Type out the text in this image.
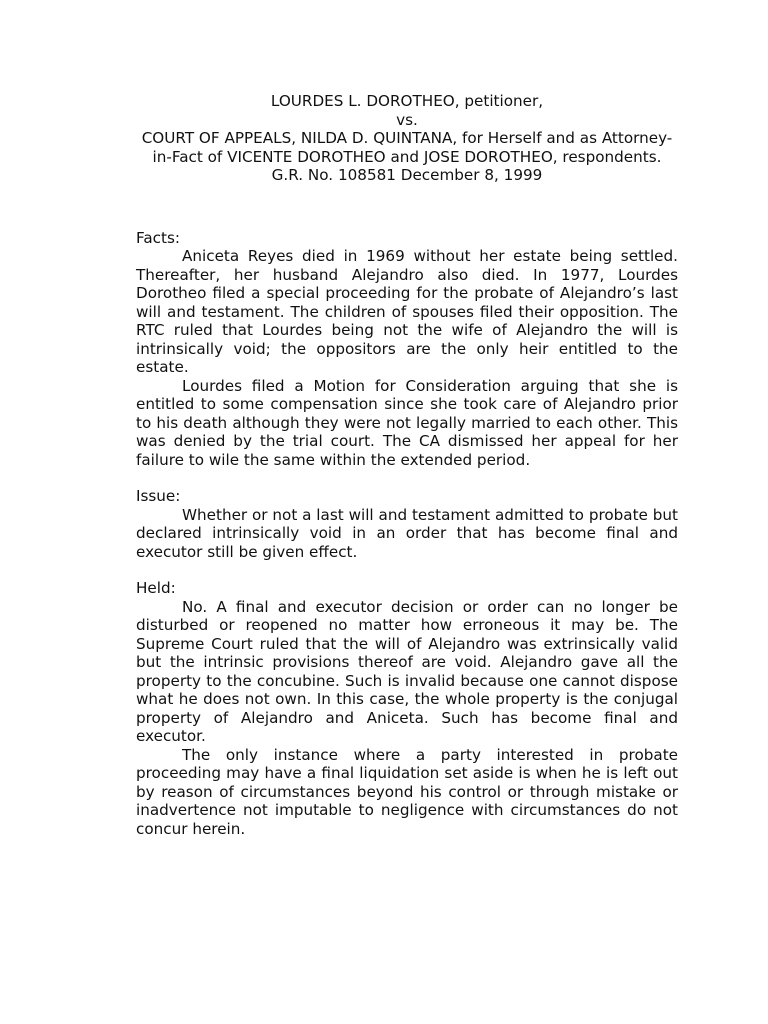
LOURDES L. DOROTHEO, petitioner,
vs.
COURT OF APPEALS, NILDA D. QUINTANA, for Herself and as Attorney-in-Fact of VICENTE DOROTHEO and JOSE DOROTHEO, respondents.
G.R. No. 108581 December 8, 1999

Facts:

Aniceta Reyes died in 1969 without her estate being settled. Thereafter, her husband Alejandro also died. In 1977, Lourdes Dorotheo filed a special proceeding for the probate of Alejandro’s last will and testament. The children of spouses filed their opposition. The RTC ruled that Lourdes being not the wife of Alejandro the will is intrinsically void; the oppositors are the only heir entitled to the estate.

Lourdes filed a Motion for Consideration arguing that she is entitled to some compensation since she took care of Alejandro prior to his death although they were not legally married to each other. This was denied by the trial court. The CA dismissed her appeal for her failure to wile the same within the extended period.

Issue:

Whether or not a last will and testament admitted to probate but declared intrinsically void in an order that has become final and executor still be given effect.

Held:

No. A final and executor decision or order can no longer be disturbed or reopened no matter how erroneous it may be. The Supreme Court ruled that the will of Alejandro was extrinsically valid but the intrinsic provisions thereof are void. Alejandro gave all the property to the concubine. Such is invalid because one cannot dispose what he does not own. In this case, the whole property is the conjugal property of Alejandro and Aniceta. Such has become final and executor.

The only instance where a party interested in probate proceeding may have a final liquidation set aside is when he is left out by reason of circumstances beyond his control or through mistake or inadvertence not imputable to negligence with circumstances do not concur herein.
